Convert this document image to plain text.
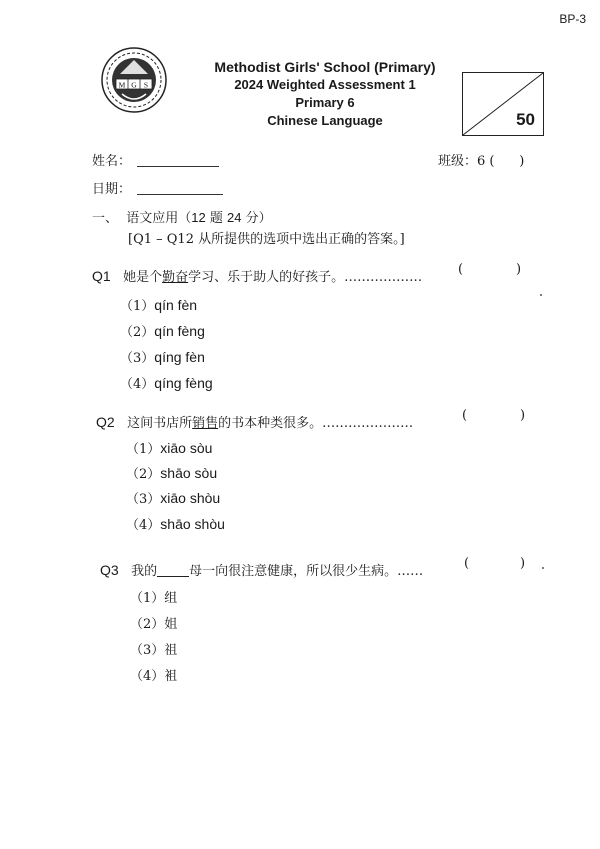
BP-3
M G S
Methodist Girls' School (Primary)
2024 Weighted Assessment 1
Primary 6
Chinese Language	50
姓名：
日期：
班级：6 ( )
一、 语文应用（12 题 24 分）
[Q1 – Q12 从所提供的选项中选出正确的答案。]
Q1 她是个勤奋学习、乐于助人的好孩子。………………
(	)
（1）qín fèn
（2）qín fèng
（3）qíng fèn
（4）qíng fèng
Q2 这间书店所销售的书本种类很多。…………………
(	)
（1）xiāo sòu
（2）shāo sòu
（3）xiāo shòu
（4）shāo shòu
Q3 我的 母一向很注意健康，所以很少生病。……
(	)
（1）组
（2）姐
（3）祖
（4）袓
